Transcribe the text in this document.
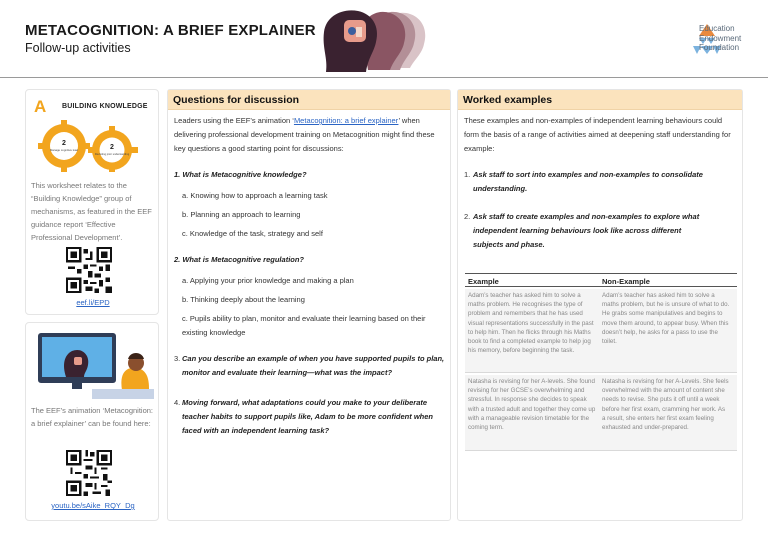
METACOGNITION: A BRIEF EXPLAINER
Follow-up activities
Education
Endowment
Foundation
A BUILDING KNOWLEDGE
2
Manage cognitive load	2
Revisiting prior understanding
This worksheet relates to the “Building Knowledge” group of mechanisms, as featured in the EEF guidance report ‘Effective Professional Development’.
eef.li/EPD
The EEF’s animation ‘Metacognition: a brief explainer’ can be found here:
youtu.be/sAike_RQY_Dg
Questions for discussion
Leaders using the EEF’s animation ‘Metacognition: a brief explainer’ when delivering professional development training on Metacognition might find these key questions a good starting point for discussions:
1. What is Metacognitive knowledge?
a. Knowing how to approach a learning task
b. Planning an approach to learning
c. Knowledge of the task, strategy and self
2. What is Metacognitive regulation?
a. Applying your prior knowledge and making a plan
b. Thinking deeply about the learning
c. Pupils ability to plan, monitor and evaluate their learning based on their existing knowledge
3. Can you describe an example of when you have supported pupils to plan, monitor and evaluate their learning—what was the impact?
4. Moving forward, what adaptations could you make to your deliberate teacher habits to support pupils like, Adam to be more confident when faced with an independent learning task?
Worked examples
These examples and non-examples of independent learning behaviours could form the basis of a range of activities aimed at deepening staff understanding for example:
1. Ask staff to sort into examples and non-examples to consolidate understanding.
2. Ask staff to create examples and non-examples to explore what independent learning behaviours look like across different subjects and phase.
Example	Non-Example
Adam’s teacher has asked him to solve a maths problem. He recognises the type of problem and remembers that he has used visual representations successfully in the past to help him. Then he flicks through his Maths book to find a completed example to help jog his memory, before beginning the task.
Adam’s teacher has asked him to solve a maths problem, but he is unsure of what to do. He grabs some manipulatives and begins to move them around, to appear busy. When this doesn’t help, he asks for a pass to use the toilet.
Natasha is revising for her A-levels. She found revising for her GCSE’s overwhelming and stressful. In response she decides to speak with a trusted adult and together they come up with a manageable revision timetable for the coming term.
Natasha is revising for her A-Levels. She feels overwhelmed with the amount of content she needs to revise. She puts it off until a week before her first exam, cramming her work. As a result, she enters her first exam feeling exhausted and under-prepared.
